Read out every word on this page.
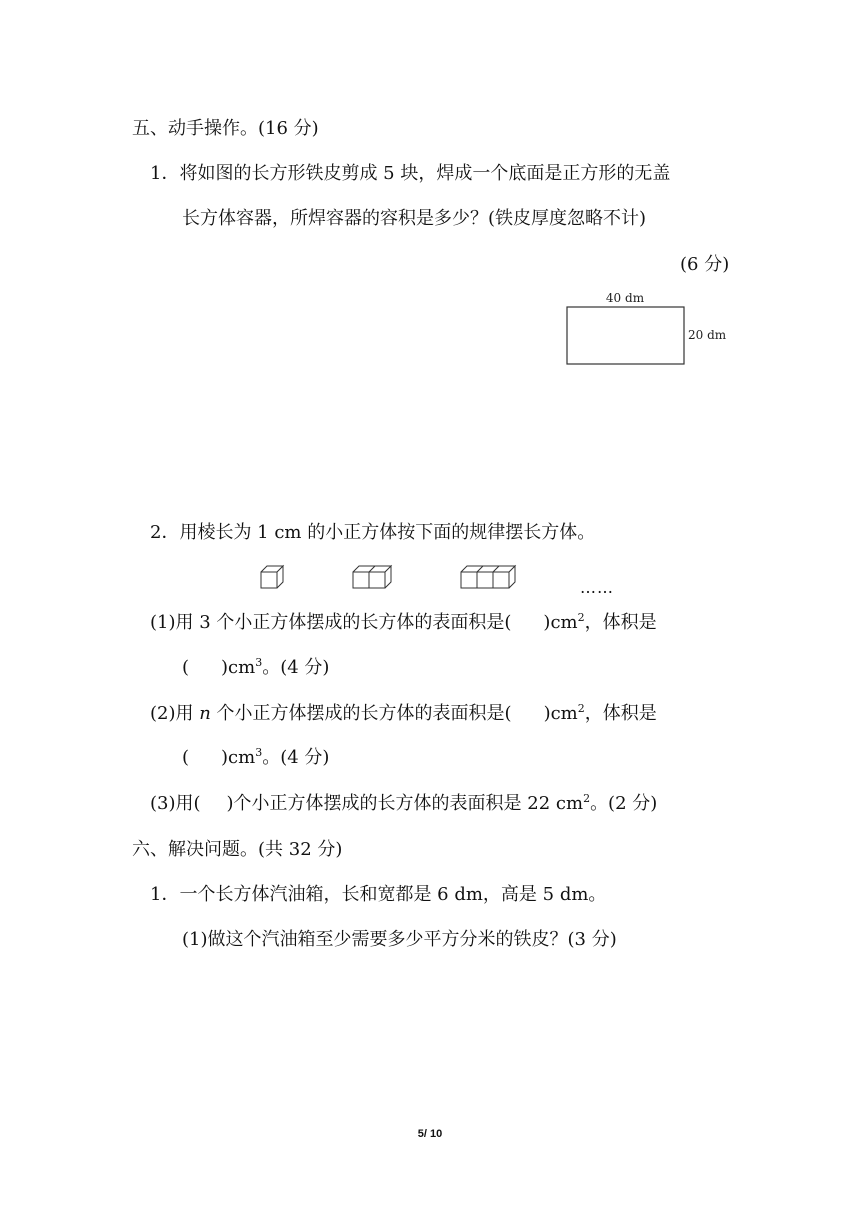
五、动手操作。(16 分)
1．将如图的长方形铁皮剪成 5 块，焊成一个底面是正方形的无盖
长方体容器，所焊容器的容积是多少？(铁皮厚度忽略不计)
(6 分)
40 dm
20 dm
2．用棱长为 1 cm 的小正方体按下面的规律摆长方体。
……
(1)用 3 个小正方体摆成的长方体的表面积是( )$cm^2$，体积是
( )$cm^3$。(4 分)
(2)用 n 个小正方体摆成的长方体的表面积是( )$cm^2$，体积是
( )$cm^3$。(4 分)
(3)用( )个小正方体摆成的长方体的表面积是 22 $cm^2$。(2 分)
六、解决问题。(共 32 分)
1．一个长方体汽油箱，长和宽都是 6 dm，高是 5 dm。
(1)做这个汽油箱至少需要多少平方分米的铁皮？(3 分)
5/ 10
